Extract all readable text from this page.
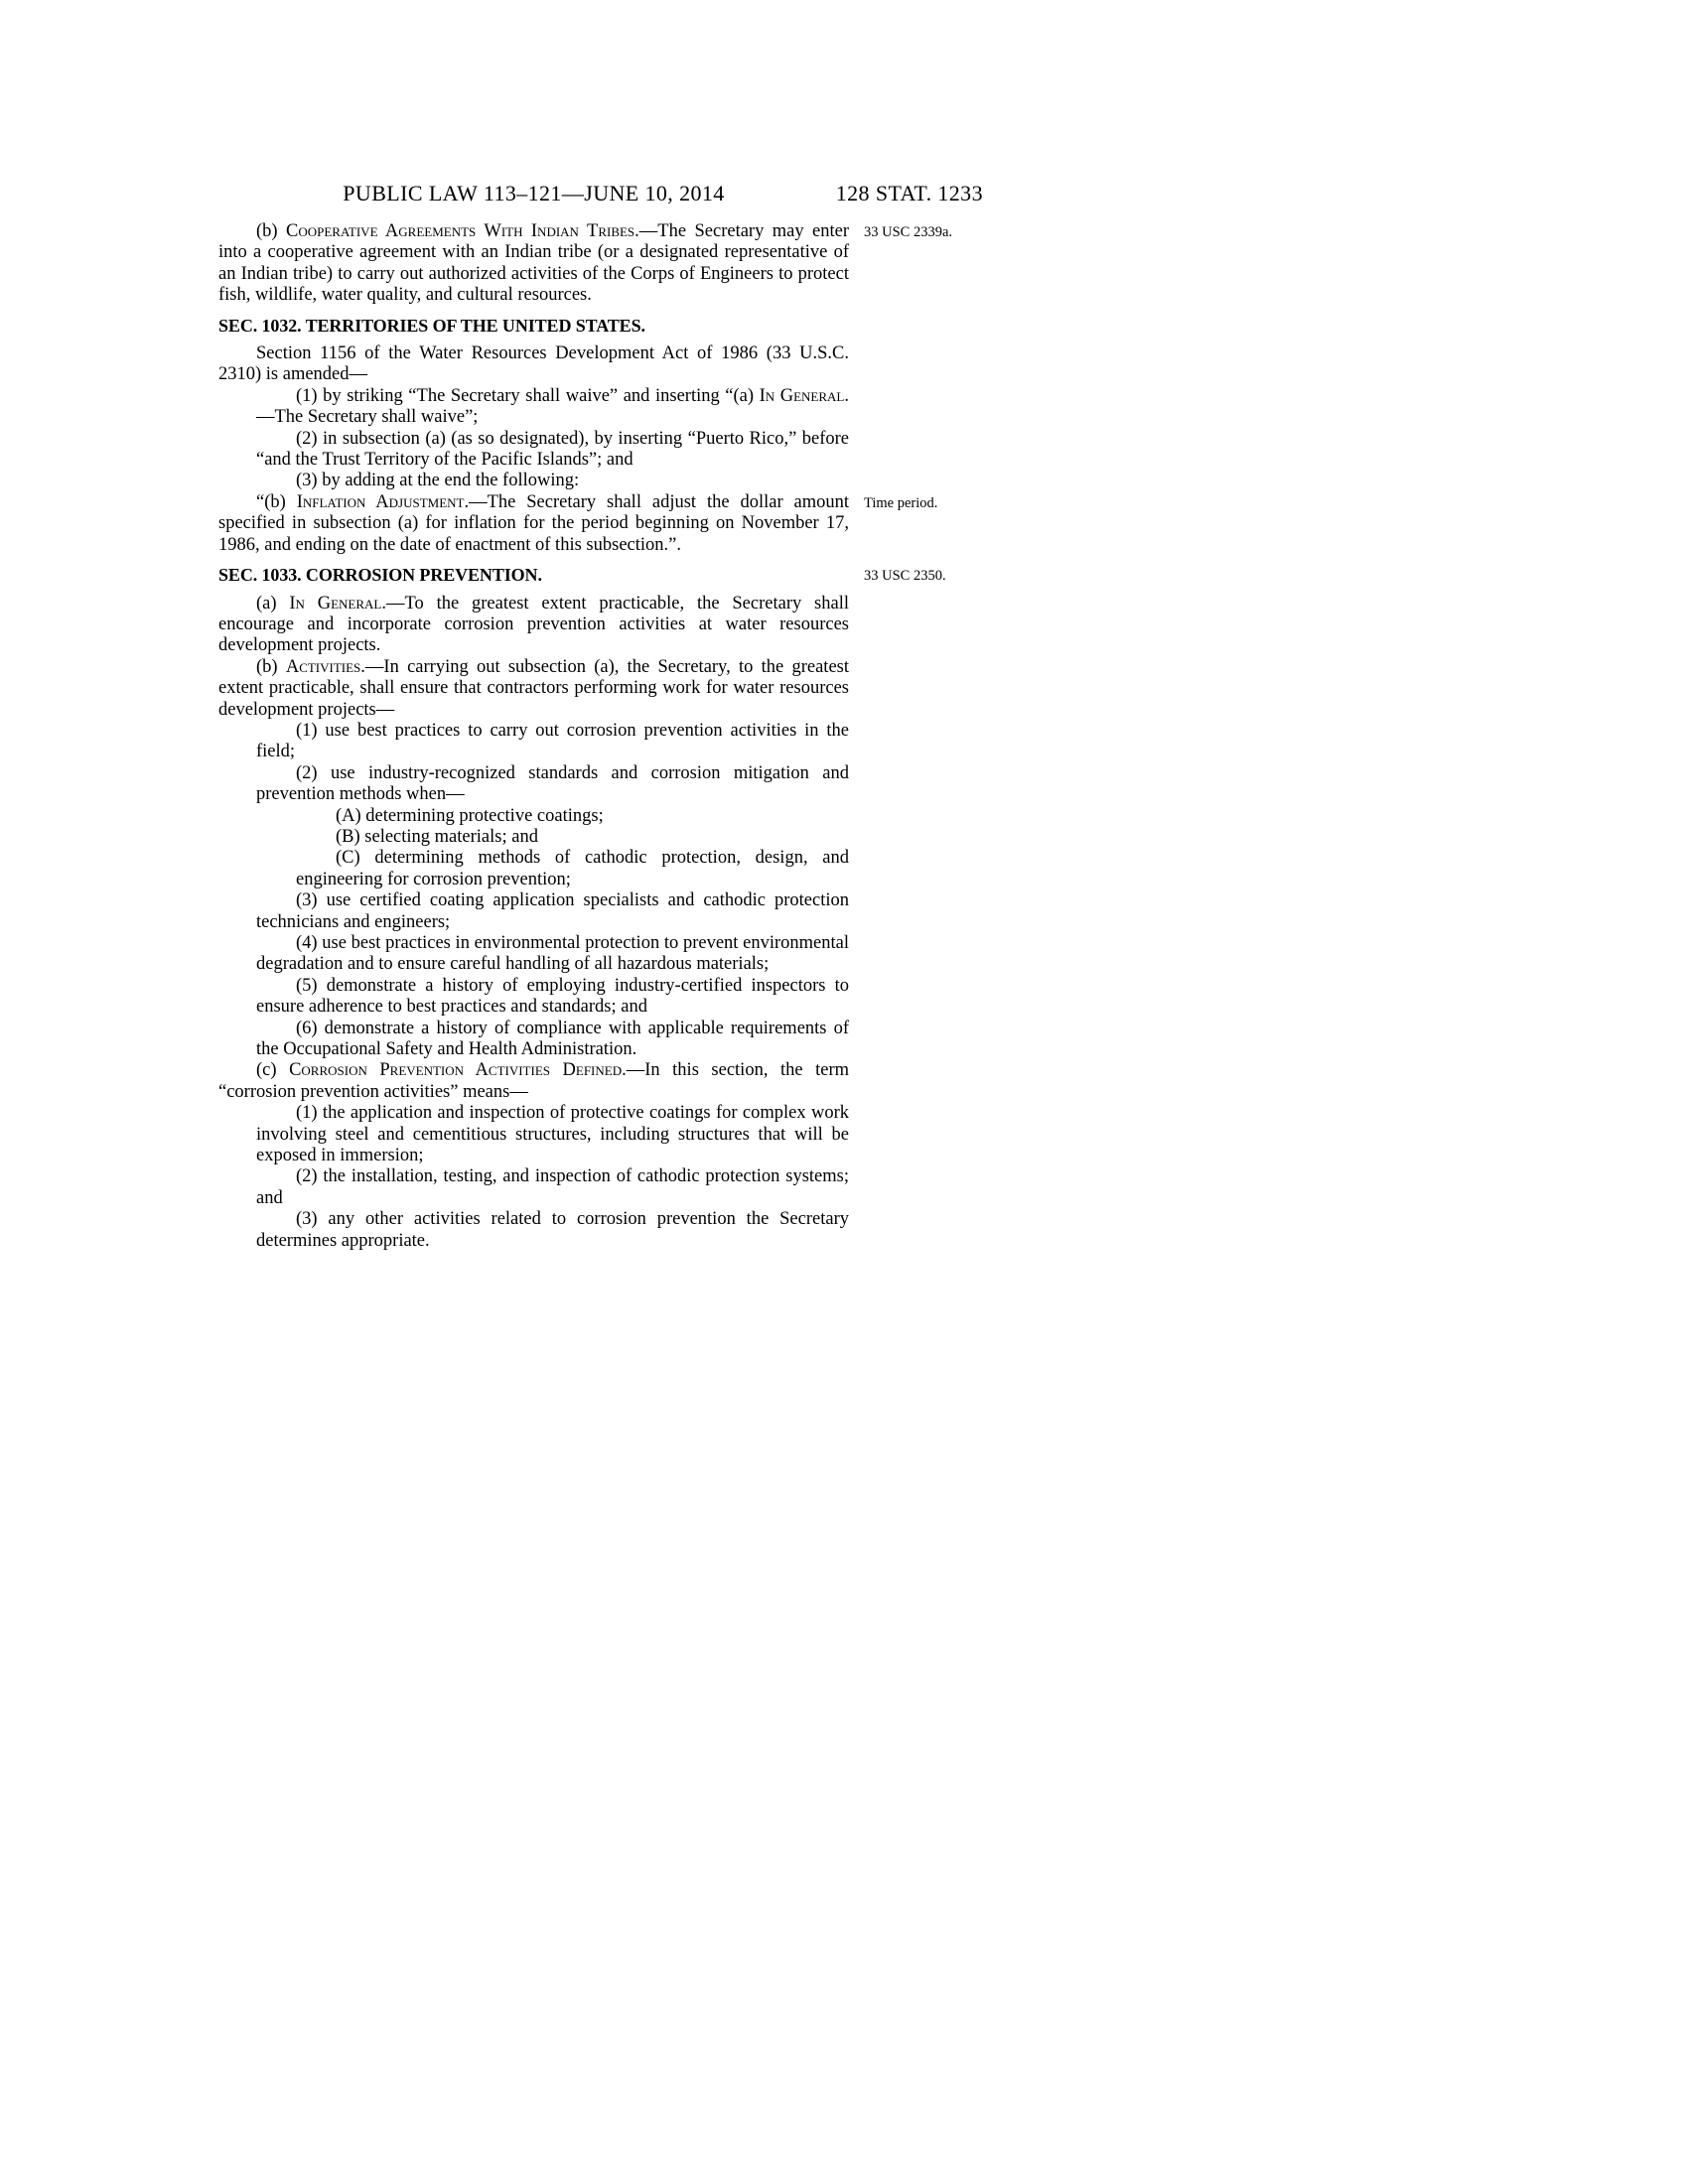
PUBLIC LAW 113–121—JUNE 10, 2014	128 STAT. 1233

(b) Cooperative Agreements With Indian Tribes.—The Secretary may enter into a cooperative agreement with an Indian tribe (or a designated representative of an Indian tribe) to carry out authorized activities of the Corps of Engineers to protect fish, wildlife, water quality, and cultural resources.
33 USC 2339a.

SEC. 1032. TERRITORIES OF THE UNITED STATES.

Section 1156 of the Water Resources Development Act of 1986 (33 U.S.C. 2310) is amended—

(1) by striking “The Secretary shall waive” and inserting “(a) In General.—The Secretary shall waive”;

(2) in subsection (a) (as so designated), by inserting “Puerto Rico,” before “and the Trust Territory of the Pacific Islands”; and

(3) by adding at the end the following:

“(b) Inflation Adjustment.—The Secretary shall adjust the dollar amount specified in subsection (a) for inflation for the period beginning on November 17, 1986, and ending on the date of enactment of this subsection.”.
Time period.

SEC. 1033. CORROSION PREVENTION.	33 USC 2350.

(a) In General.—To the greatest extent practicable, the Secretary shall encourage and incorporate corrosion prevention activities at water resources development projects.

(b) Activities.—In carrying out subsection (a), the Secretary, to the greatest extent practicable, shall ensure that contractors performing work for water resources development projects—

(1) use best practices to carry out corrosion prevention activities in the field;

(2) use industry-recognized standards and corrosion mitigation and prevention methods when—

(A) determining protective coatings;

(B) selecting materials; and

(C) determining methods of cathodic protection, design, and engineering for corrosion prevention;

(3) use certified coating application specialists and cathodic protection technicians and engineers;

(4) use best practices in environmental protection to prevent environmental degradation and to ensure careful handling of all hazardous materials;

(5) demonstrate a history of employing industry-certified inspectors to ensure adherence to best practices and standards; and

(6) demonstrate a history of compliance with applicable requirements of the Occupational Safety and Health Administration.

(c) Corrosion Prevention Activities Defined.—In this section, the term “corrosion prevention activities” means—

(1) the application and inspection of protective coatings for complex work involving steel and cementitious structures, including structures that will be exposed in immersion;

(2) the installation, testing, and inspection of cathodic protection systems; and

(3) any other activities related to corrosion prevention the Secretary determines appropriate.
